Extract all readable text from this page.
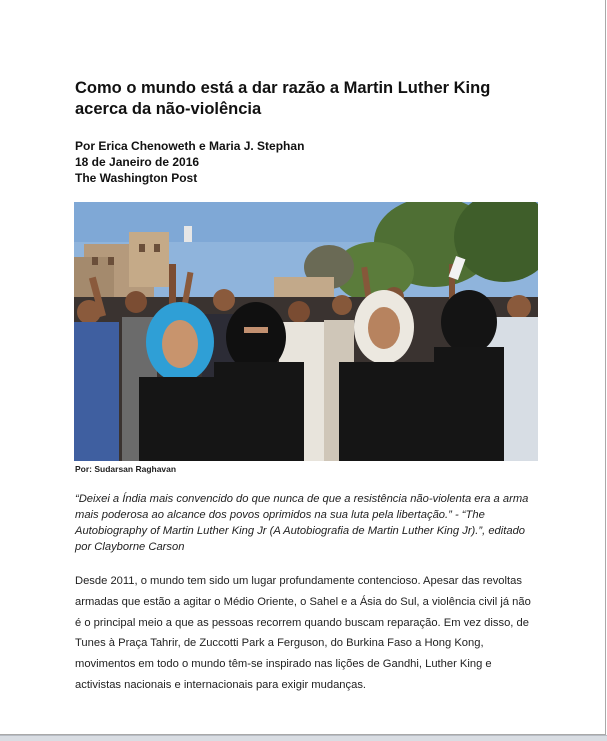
Como o mundo está a dar razão a Martin Luther King acerca da não-violência
Por Erica Chenoweth e Maria J. Stephan
18 de Janeiro de 2016
The Washington Post
Por: Sudarsan Raghavan

“Deixei a Índia mais convencido do que nunca de que a resistência não-violenta era a arma mais poderosa ao alcance dos povos oprimidos na sua luta pela libertação.” - “The Autobiography of Martin Luther King Jr (A Autobiografia de Martin Luther King Jr).”, editado por Clayborne Carson

Desde 2011, o mundo tem sido um lugar profundamente contencioso. Apesar das revoltas armadas que estão a agitar o Médio Oriente, o Sahel e a Ásia do Sul, a violência civil já não é o principal meio a que as pessoas recorrem quando buscam reparação. Em vez disso, de Tunes à Praça Tahrir, de Zuccotti Park a Ferguson, do Burkina Faso a Hong Kong, movimentos em todo o mundo têm-se inspirado nas lições de Gandhi, Luther King e activistas nacionais e internacionais para exigir mudanças.
